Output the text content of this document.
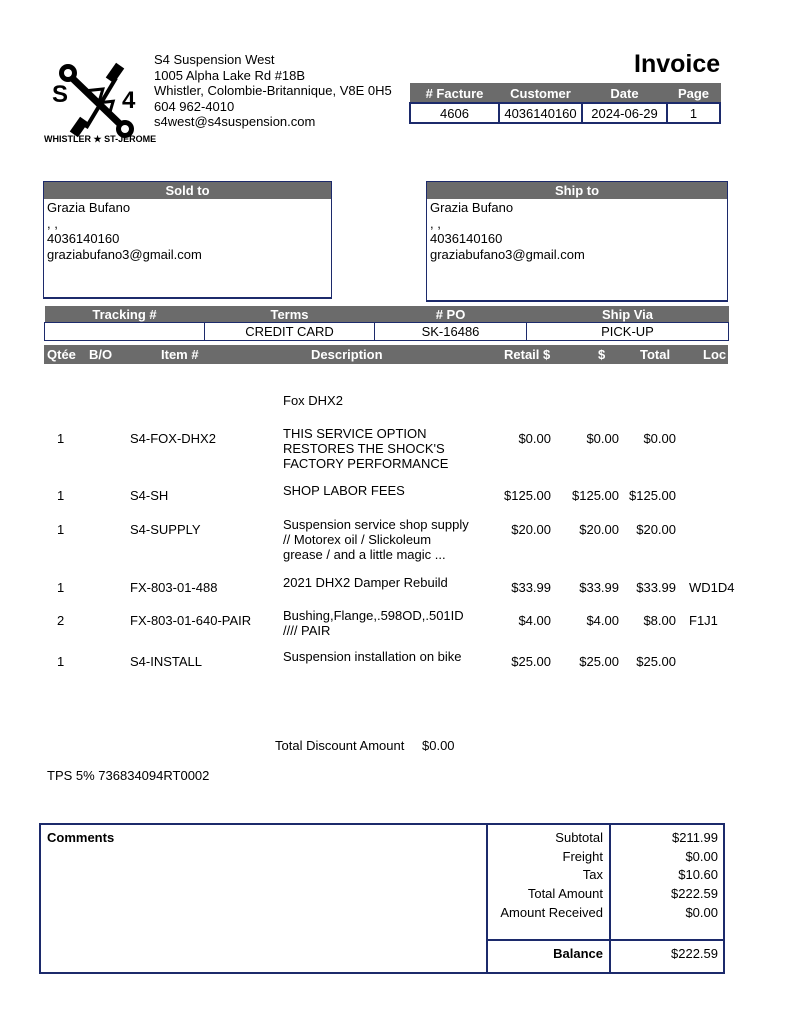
S 4
WHISTLER ★ ST-JEROME
S4 Suspension West
1005 Alpha Lake Rd #18B
Whistler, Colombie-Britannique, V8E 0H5
604 962-4010
s4west@s4suspension.com
Invoice
# Facture	Customer	Date	Page
4606	4036140160	2024-06-29	1
Sold to
Grazia Bufano
, ,
4036140160
graziabufano3@gmail.com
Ship to
Grazia Bufano
, ,
4036140160
graziabufano3@gmail.com
Tracking #	Terms	# PO	Ship Via
	CREDIT CARD	SK-16486	PICK-UP
Qtée B/O	Item #	Description	Retail $	$	Total	Loc
Fox DHX2
1	S4-FOX-DHX2	$0.00	$0.00	$0.00
THIS SERVICE OPTION
RESTORES THE SHOCK'S
FACTORY PERFORMANCE
1	S4-SH	$125.00	$125.00 $125.00
SHOP LABOR FEES
1	S4-SUPPLY	$20.00	$20.00	$20.00
Suspension service shop supply
// Motorex oil / Slickoleum
grease / and a little magic ...
1	FX-803-01-488	$33.99	$33.99	$33.99 WD1D4
2021 DHX2 Damper Rebuild
2	FX-803-01-640-PAIR	$4.00	$4.00	$8.00 F1J1
Bushing,Flange,.598OD,.501ID
//// PAIR
1	S4-INSTALL	$25.00	$25.00	$25.00
Suspension installation on bike
Total Discount Amount $0.00
TPS 5% 736834094RT0002
Comments	Subtotal	$211.99
Freight	$0.00
Tax	$10.60
Total Amount	$222.59
Amount Received	$0.00
Balance	$222.59
